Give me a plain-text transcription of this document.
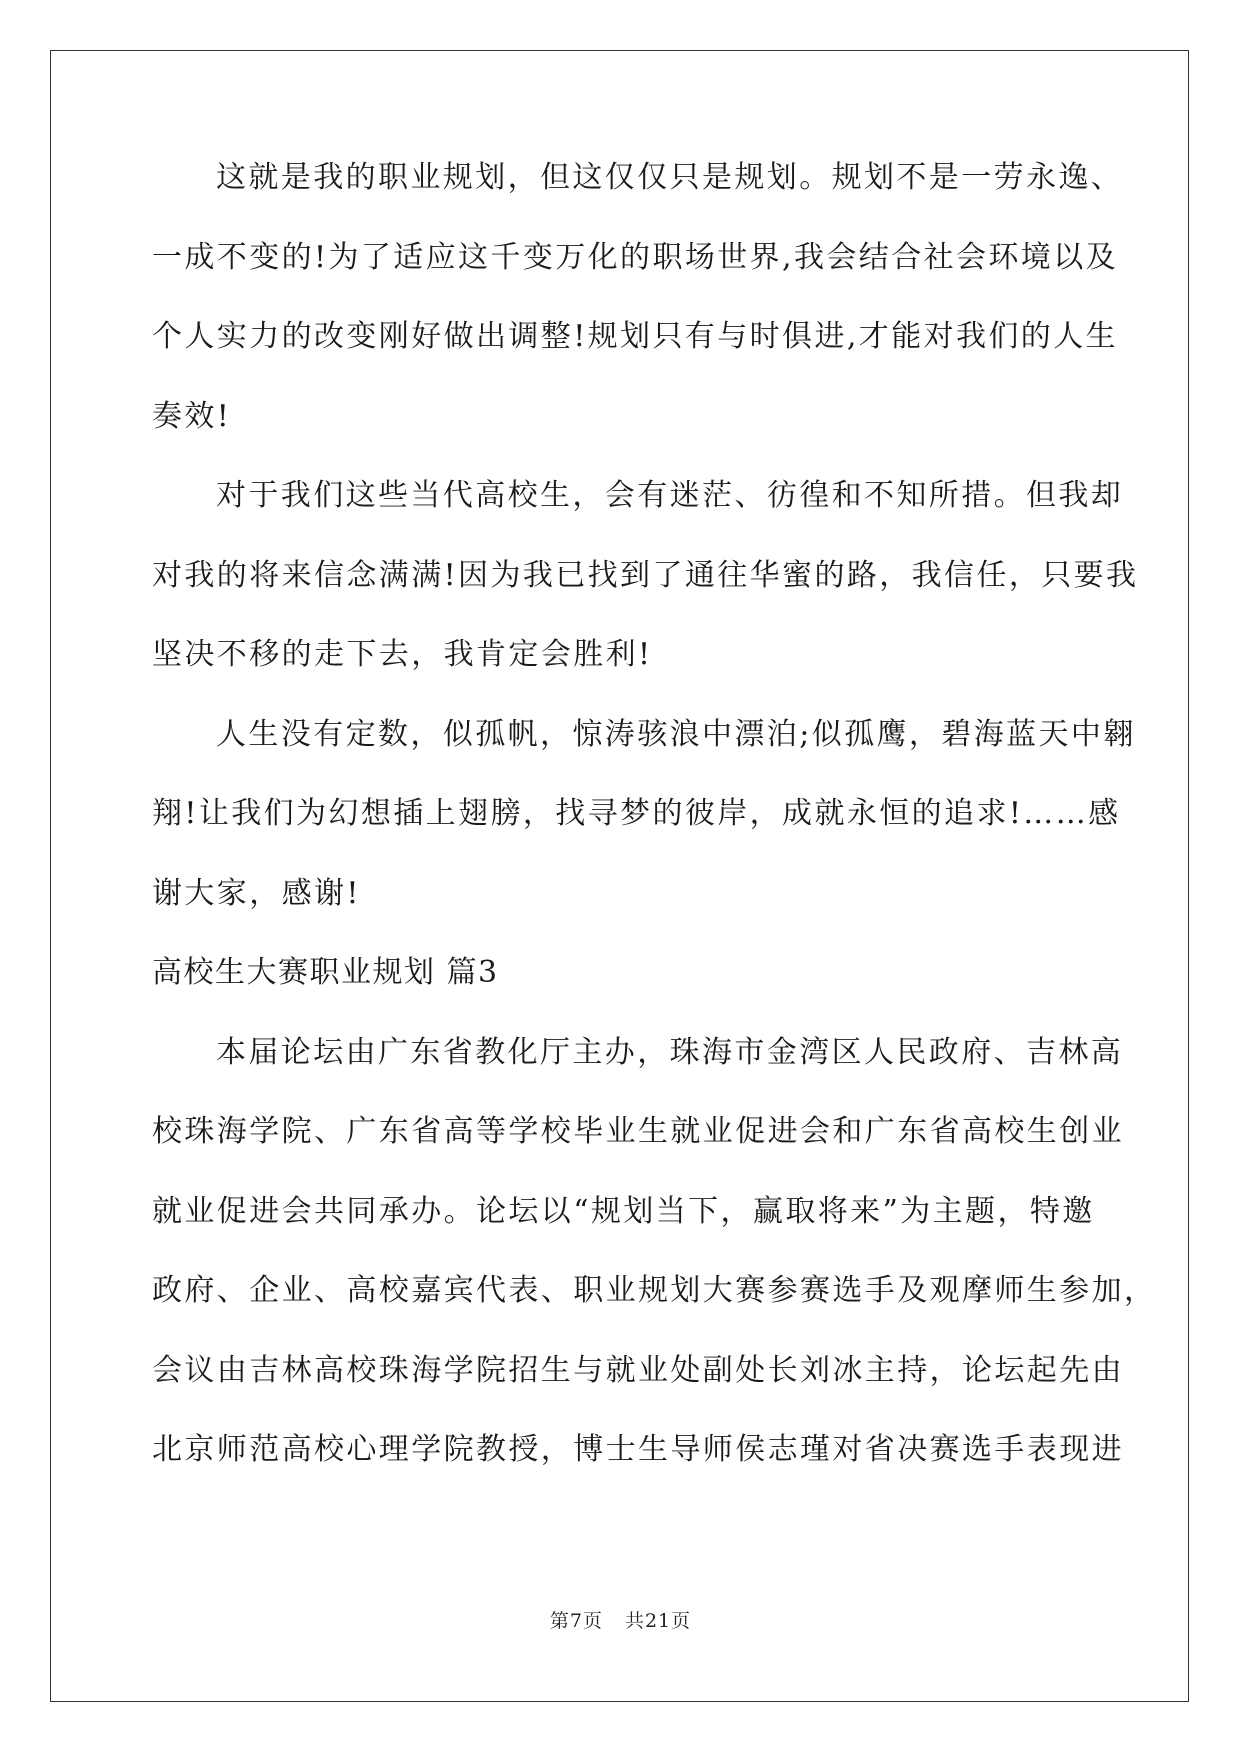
这就是我的职业规划，但这仅仅只是规划。规划不是一劳永逸、
一成不变的!为了适应这千变万化的职场世界,我会结合社会环境以及
个人实力的改变刚好做出调整!规划只有与时俱进,才能对我们的人生
奏效!
对于我们这些当代高校生，会有迷茫、彷徨和不知所措。但我却
对我的将来信念满满!因为我已找到了通往华蜜的路，我信任，只要我
坚决不移的走下去，我肯定会胜利!
人生没有定数，似孤帆，惊涛骇浪中漂泊;似孤鹰，碧海蓝天中翱
翔!让我们为幻想插上翅膀，找寻梦的彼岸，成就永恒的追求!……感
谢大家，感谢!
高校生大赛职业规划 篇3
本届论坛由广东省教化厅主办，珠海市金湾区人民政府、吉林高
校珠海学院、广东省高等学校毕业生就业促进会和广东省高校生创业
就业促进会共同承办。论坛以“规划当下，赢取将来”为主题，特邀
政府、企业、高校嘉宾代表、职业规划大赛参赛选手及观摩师生参加，
会议由吉林高校珠海学院招生与就业处副处长刘冰主持，论坛起先由
北京师范高校心理学院教授，博士生导师侯志瑾对省决赛选手表现进
第7页 共21页
